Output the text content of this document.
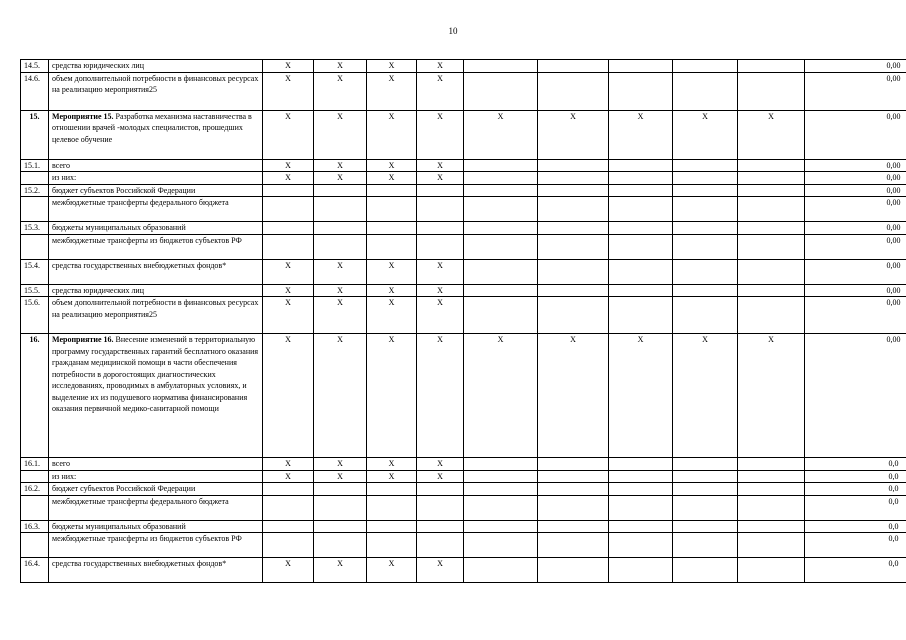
10
14.5.	средства юридических лиц	X	X	X	X						0,00
14.6.	объем дополнительной потребности в финансовых ресурсах на реализацию мероприятия25	X	X	X	X						0,00
15.	Мероприятие 15. Разработка механизма наставничества в отношении врачей -молодых специалистов, прошедших целевое обучение	X	X	X	X	X	X	X	X	X	0,00
15.1.	всего	X	X	X	X						0,00
	из них:	X	X	X	X						0,00
15.2.	бюджет субъектов Российской Федерации										0,00
	межбюджетные трансферты федерального бюджета										0,00
15.3.	бюджеты муниципальных образований										0,00
	межбюджетные трансферты из бюджетов субъектов РФ										0,00
15.4.	средства государственных внебюджетных фондов*	X	X	X	X						0,00
15.5.	средства юридических лиц	X	X	X	X						0,00
15.6.	объем дополнительной потребности в финансовых ресурсах на реализацию мероприятия25	X	X	X	X						0,00
16.	Мероприятие 16. Внесение изменений в территориальную программу государственных гарантий бесплатного оказания гражданам медицинской помощи в части обеспечения потребности в дорогостоящих диагностических исследованиях, проводимых в амбулаторных условиях, и выделение их из подушевого норматива финансирования оказания первичной медико-санитарной помощи	X	X	X	X	X	X	X	X	X	0,00
16.1.	всего	X	X	X	X						0,0
	из них:	X	X	X	X						0,0
16.2.	бюджет субъектов Российской Федерации										0,0
	межбюджетные трансферты федерального бюджета										0,0
16.3.	бюджеты муниципальных образований										0,0
	межбюджетные трансферты из бюджетов субъектов РФ										0,0
16.4.	средства государственных внебюджетных фондов*	X	X	X	X						0,0
